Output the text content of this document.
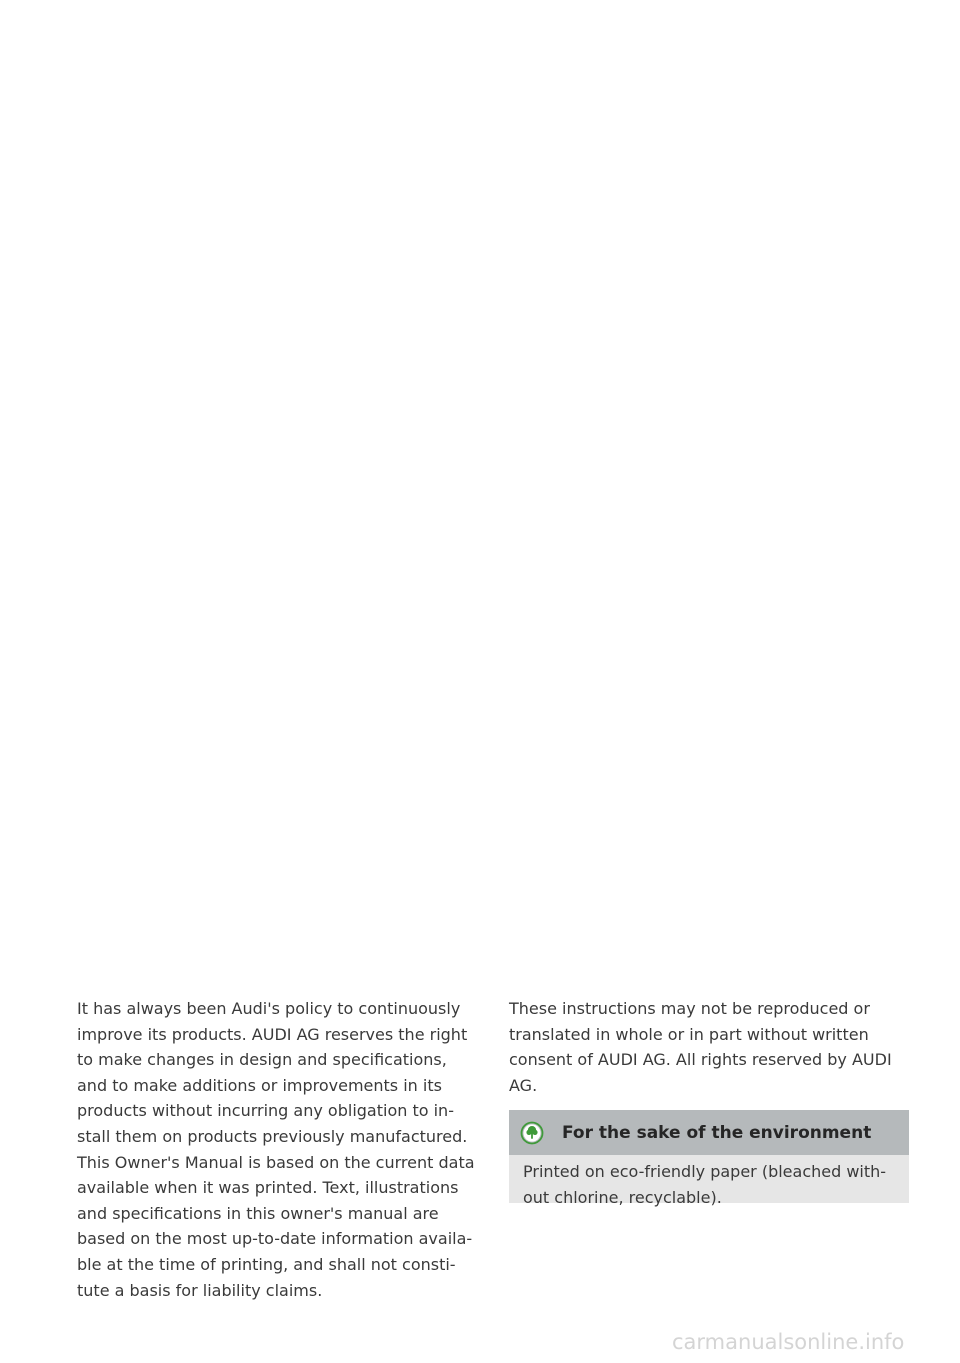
It has always been Audi's policy to continuously
improve its products. AUDI AG reserves the right
to make changes in design and specifications,
and to make additions or improvements in its
products without incurring any obligation to in-
stall them on products previously manufactured.
This Owner's Manual is based on the current data
available when it was printed. Text, illustrations
and specifications in this owner's manual are
based on the most up-to-date information availa-
ble at the time of printing, and shall not consti-
tute a basis for liability claims.

These instructions may not be reproduced or
translated in whole or in part without written
consent of AUDI AG. All rights reserved by AUDI
AG.

For the sake of the environment
Printed on eco-friendly paper (bleached with-
out chlorine, recyclable).
carmanualsonline.info
